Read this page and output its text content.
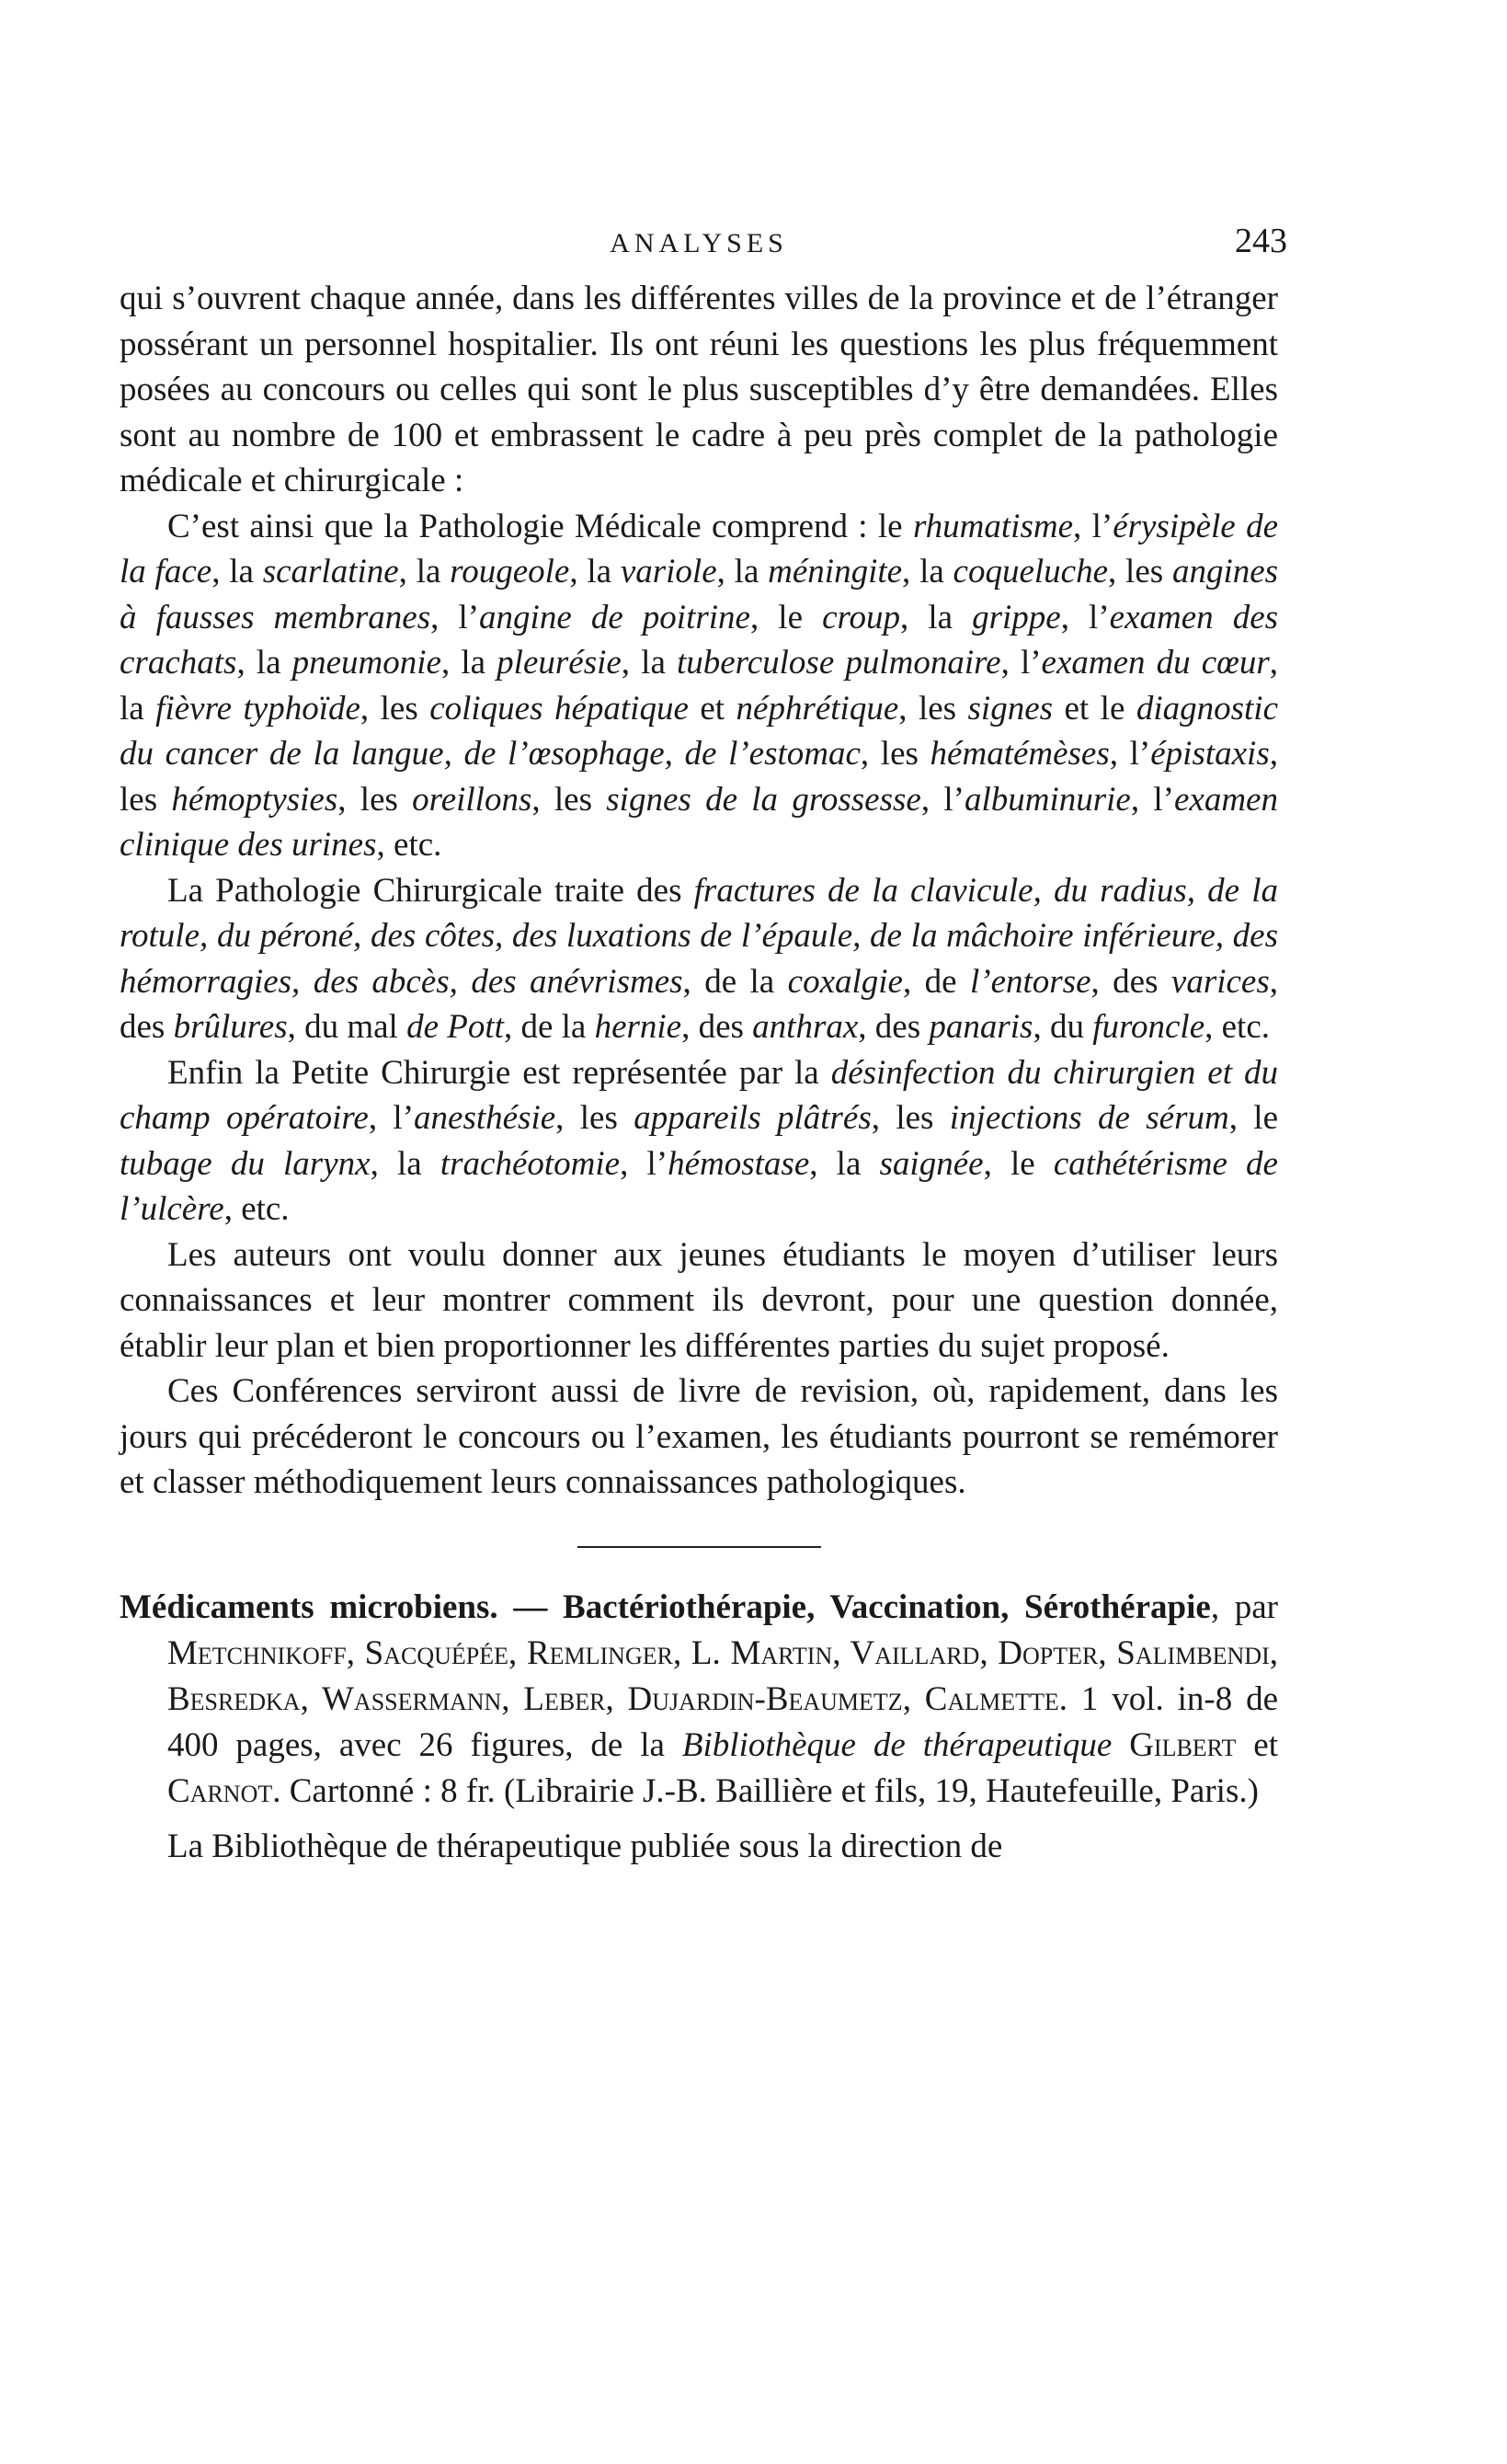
ANALYSES	243

qui s’ouvrent chaque année, dans les différentes villes de la province et de l’étranger possérant un personnel hospitalier. Ils ont réuni les questions les plus fréquemment posées au concours ou celles qui sont le plus susceptibles d’y être demandées. Elles sont au nombre de 100 et embrassent le cadre à peu près complet de la pathologie médicale et chirurgicale :

C’est ainsi que la Pathologie Médicale comprend : le rhumatisme, l’érysipèle de la face, la scarlatine, la rougeole, la variole, la méningite, la coqueluche, les angines à fausses membranes, l’angine de poitrine, le croup, la grippe, l’examen des crachats, la pneumonie, la pleurésie, la tuberculose pulmonaire, l’examen du cœur, la fièvre typhoïde, les coliques hépatique et néphrétique, les signes et le diagnostic du cancer de la langue, de l’œsophage, de l’estomac, les hématémèses, l’épistaxis, les hémoptysies, les oreillons, les signes de la grossesse, l’albuminurie, l’examen clinique des urines, etc.

La Pathologie Chirurgicale traite des fractures de la clavicule, du radius, de la rotule, du péroné, des côtes, des luxations de l’épaule, de la mâchoire inférieure, des hémorragies, des abcès, des anévrismes, de la coxalgie, de l’entorse, des varices, des brûlures, du mal de Pott, de la hernie, des anthrax, des panaris, du furoncle, etc.

Enfin la Petite Chirurgie est représentée par la désinfection du chirurgien et du champ opératoire, l’anesthésie, les appareils plâtrés, les injections de sérum, le tubage du larynx, la trachéotomie, l’hémostase, la saignée, le cathétérisme de l’ulcère, etc.

Les auteurs ont voulu donner aux jeunes étudiants le moyen d’utiliser leurs connaissances et leur montrer comment ils devront, pour une question donnée, établir leur plan et bien proportionner les différentes parties du sujet proposé.

Ces Conférences serviront aussi de livre de revision, où, rapidement, dans les jours qui précéderont le concours ou l’examen, les étudiants pourront se remémorer et classer méthodiquement leurs connaissances pathologiques.

Médicaments microbiens. — Bactériothérapie, Vaccination, Sérothérapie, par Metchnikoff, Sacquépée, Remlinger, L. Martin, Vaillard, Dopter, Salimbendi, Besredka, Wassermann, Leber, Dujardin-Beaumetz, Calmette. 1 vol. in-8 de 400 pages, avec 26 figures, de la Bibliothèque de thérapeutique Gilbert et Carnot. Cartonné : 8 fr. (Librairie J.-B. Baillière et fils, 19, Hautefeuille, Paris.)

La Bibliothèque de thérapeutique publiée sous la direction de
